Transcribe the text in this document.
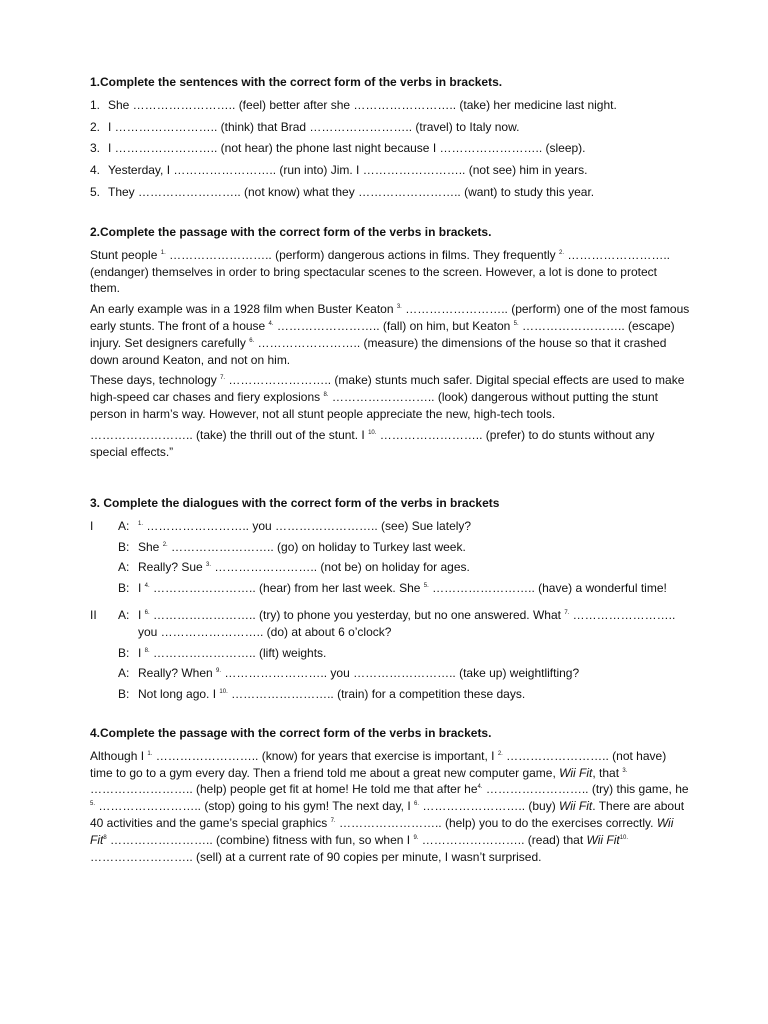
1.Complete the sentences with the correct form of the verbs in brackets.
1. She …………………….. (feel) better after she …………………….. (take) her medicine last night.
2. I …………………….. (think) that Brad …………………….. (travel) to Italy now.
3. I …………………….. (not hear) the phone last night because I …………………….. (sleep).
4. Yesterday, I …………………….. (run into) Jim. I …………………….. (not see) him in years.
5. They …………………….. (not know) what they …………………….. (want) to study this year.
2.Complete the passage with the correct form of the verbs in brackets.

Stunt people $^{1.}$ …………………….. (perform) dangerous actions in films. They frequently $^{2.}$ …………………….. (endanger) themselves in order to bring spectacular scenes to the screen. However, a lot is done to protect them.

An early example was in a 1928 film when Buster Keaton $^{3.}$ …………………….. (perform) one of the most famous early stunts. The front of a house $^{4.}$ …………………….. (fall) on him, but Keaton $^{5.}$ …………………….. (escape) injury. Set designers carefully $^{6.}$ …………………….. (measure) the dimensions of the house so that it crashed down around Keaton, and not on him.

These days, technology $^{7.}$ …………………….. (make) stunts much safer. Digital special effects are used to make high-speed car chases and fiery explosions $^{8.}$ …………………….. (look) dangerous without putting the stunt person in harm’s way. However, not all stunt people appreciate the new, high-tech tools.

…………………….. (take) the thrill out of the stunt. I $^{10.}$ …………………….. (prefer) to do stunts without any special effects.”

3. Complete the dialogues with the correct form of the verbs in brackets
I A: $^{1.}$ …………………….. you …………………….. (see) Sue lately?
B: She $^{2.}$ …………………….. (go) on holiday to Turkey last week.
A: Really? Sue $^{3.}$ …………………….. (not be) on holiday for ages.
B: I $^{4.}$ …………………….. (hear) from her last week. She $^{5.}$ …………………….. (have) a wonderful time!
II A: I $^{6.}$ …………………….. (try) to phone you yesterday, but no one answered. What $^{7.}$ ……………………..
you …………………….. (do) at about 6 o’clock?
B: I $^{8.}$ …………………….. (lift) weights.
A: Really? When $^{9.}$ …………………….. you …………………….. (take up) weightlifting?
B: Not long ago. I $^{10.}$ …………………….. (train) for a competition these days.
4.Complete the passage with the correct form of the verbs in brackets.

Although I $^{1.}$ …………………….. (know) for years that exercise is important, I $^{2.}$ …………………….. (not have) time to go to a gym every day. Then a friend told me about a great new computer game, Wii Fit, that $^{3.}$ …………………….. (help) people get fit at home! He told me that after $he^{4.}$ …………………….. (try) this game, he $^{5.}$ …………………….. (stop) going to his gym! The next day, I $^{6.}$ …………………….. (buy) Wii Fit. There are about 40 activities and the game’s special graphics $^{7.}$ …………………….. (help) you to do the exercises correctly. Wii Fit$^8$ …………………….. (combine) fitness with fun, so when I $^{9.}$ …………………….. (read) that Wii Fit$^{10.}$ …………………….. (sell) at a current rate of 90 copies per minute, I wasn’t surprised.
